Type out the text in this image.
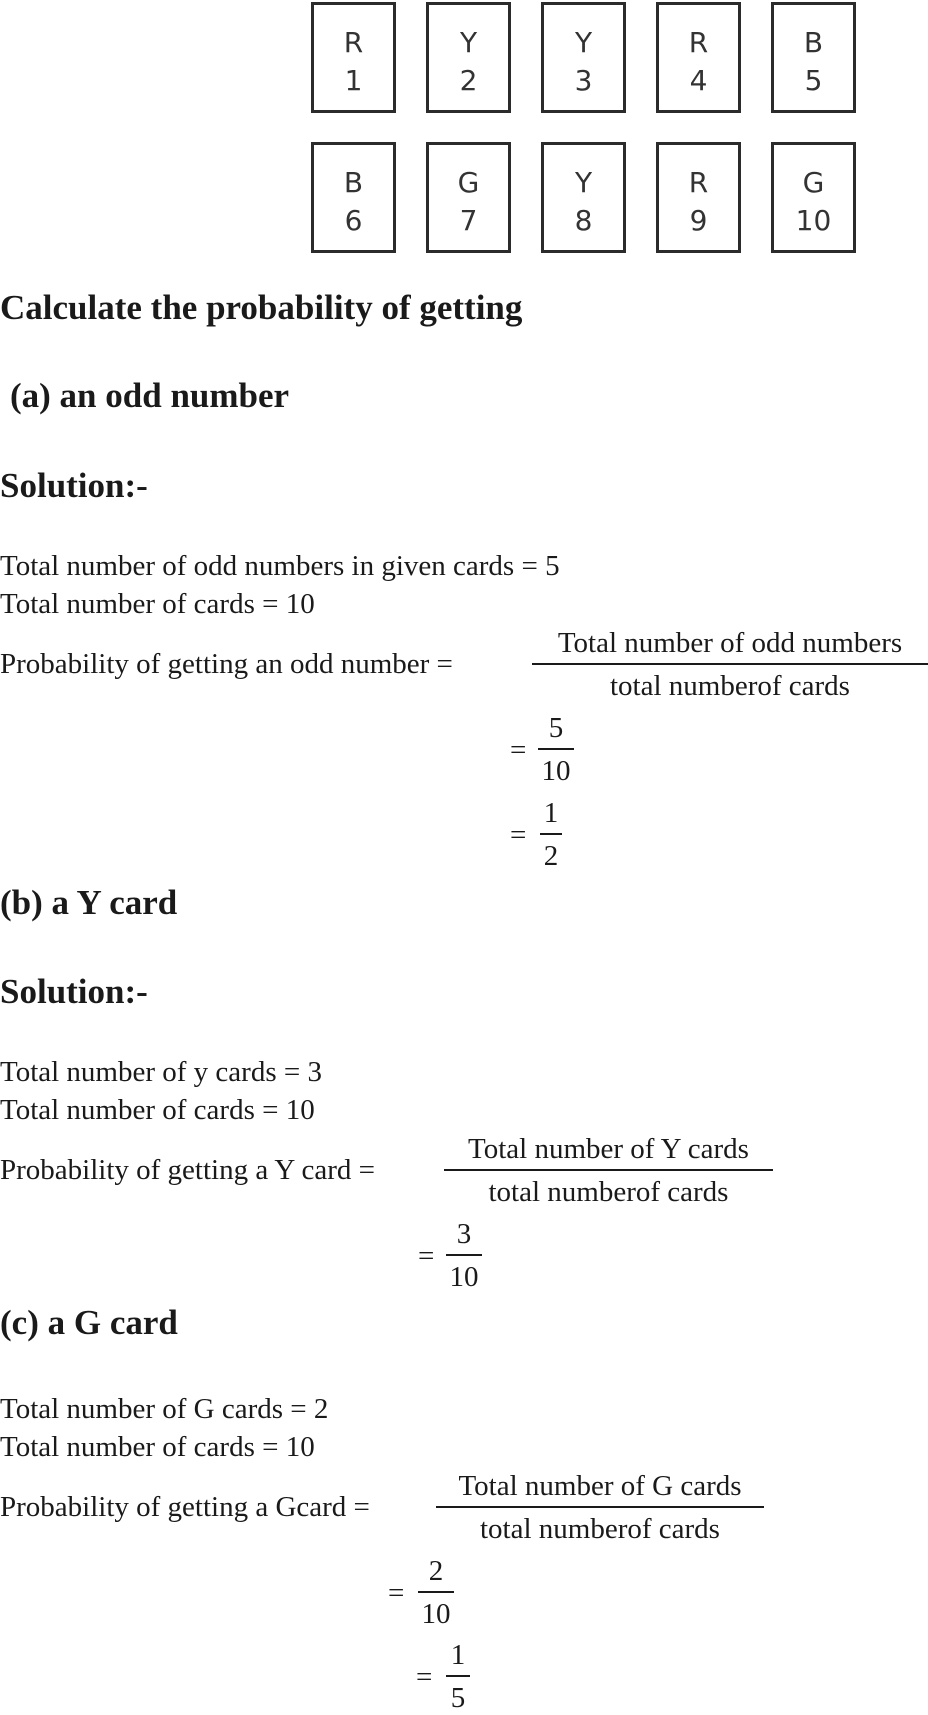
R
1
Y
2
Y
3
R
4
B
5
B
6
G
7
Y
8
R
9
G
10
Calculate the probability of getting
(a) an odd number
Solution:-
Total number of odd numbers in given cards = 5
Total number of cards = 10
Probability of getting an odd number =
Total number of odd numbers
total numberof cards
=
5
10
=
1
2
(b) a Y card
Solution:-
Total number of y cards = 3
Total number of cards = 10
Probability of getting a Y card =
Total number of Y cards
total numberof cards
=
3
10
(c) a G card
Total number of G cards = 2
Total number of cards = 10
Probability of getting a Gcard =
Total number of G cards
total numberof cards
=
2
10
=
1
5
